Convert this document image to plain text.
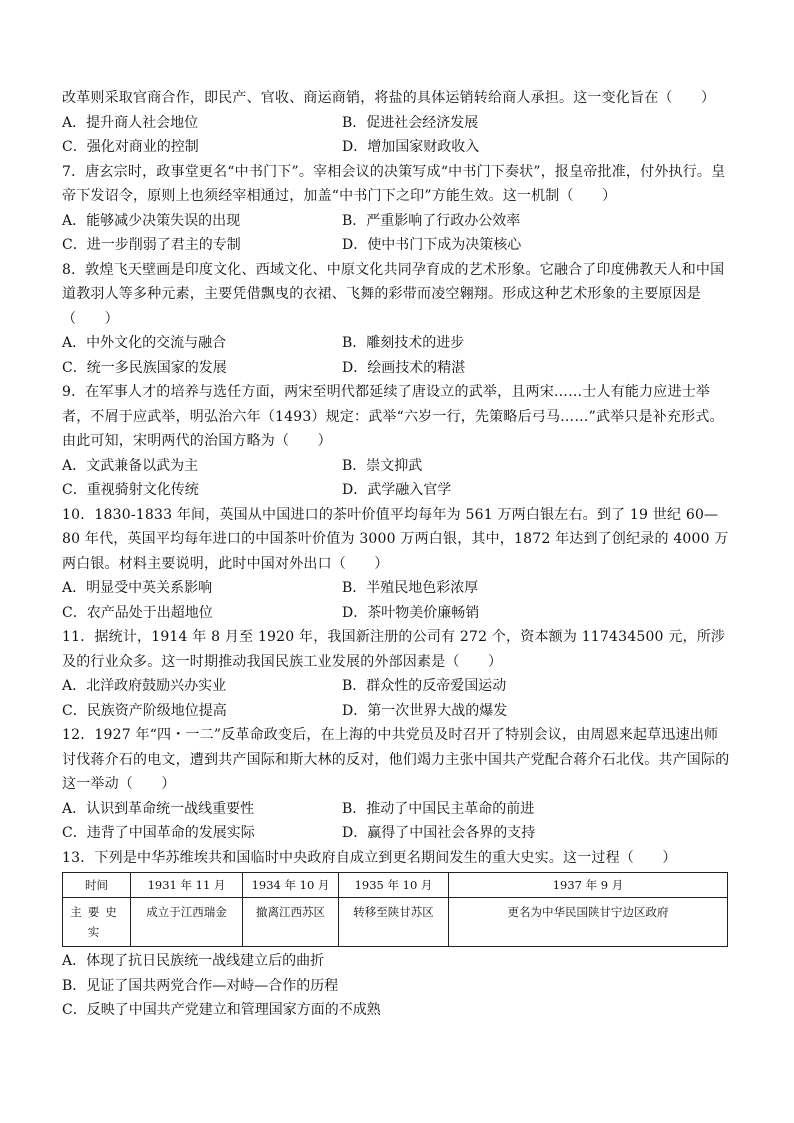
改革则采取官商合作，即民产、官收、商运商销，将盐的具体运销转给商人承担。这一变化旨在（　　）

A．提升商人社会地位	B．促进社会经济发展
C．强化对商业的控制	D．增加国家财政收入

7．唐玄宗时，政事堂更名“中书门下”。宰相会议的决策写成“中书门下奏状”，报皇帝批准，付外执行。皇帝下发诏令，原则上也须经宰相通过，加盖“中书门下之印”方能生效。这一机制（　　）

A．能够减少决策失误的出现	B．严重影响了行政办公效率
C．进一步削弱了君主的专制	D．使中书门下成为决策核心

8．敦煌飞天壁画是印度文化、西域文化、中原文化共同孕育成的艺术形象。它融合了印度佛教天人和中国道教羽人等多种元素，主要凭借飘曳的衣裙、飞舞的彩带而凌空翱翔。形成这种艺术形象的主要原因是（　　）

A．中外文化的交流与融合	B．雕刻技术的进步
C．统一多民族国家的发展	D．绘画技术的精湛

9．在军事人才的培养与选任方面，两宋至明代都延续了唐设立的武举，且两宋……士人有能力应进士举者，不屑于应武举，明弘治六年（1493）规定：武举“六岁一行，先策略后弓马……”武举只是补充形式。由此可知，宋明两代的治国方略为（　　）

A．文武兼备以武为主	B．崇文抑武
C．重视骑射文化传统	D．武学融入官学

10．1830-1833 年间，英国从中国进口的茶叶价值平均每年为 561 万两白银左右。到了 19 世纪 60—80 年代，英国平均每年进口的中国茶叶价值为 3000 万两白银，其中，1872 年达到了创纪录的 4000 万两白银。材料主要说明，此时中国对外出口（　　）

A．明显受中英关系影响	B．半殖民地色彩浓厚
C．农产品处于出超地位	D．茶叶物美价廉畅销

11．据统计，1914 年 8 月至 1920 年，我国新注册的公司有 272 个，资本额为 117434500 元，所涉及的行业众多。这一时期推动我国民族工业发展的外部因素是（　　）

A．北洋政府鼓励兴办实业	B．群众性的反帝爱国运动
C．民族资产阶级地位提高	D．第一次世界大战的爆发

12．1927 年“四・一二”反革命政变后，在上海的中共党员及时召开了特别会议，由周恩来起草迅速出师讨伐蒋介石的电文，遭到共产国际和斯大林的反对，他们竭力主张中国共产党配合蒋介石北伐。共产国际的这一举动（　　）

A．认识到革命统一战线重要性	B．推动了中国民主革命的前进
C．违背了中国革命的发展实际	D．赢得了中国社会各界的支持

13．下列是中华苏维埃共和国临时中央政府自成立到更名期间发生的重大史实。这一过程（　　）

时间	1931 年 11 月	1934 年 10 月	1935 年 10 月	1937 年 9 月
主要史实	成立于江西瑞金	撤离江西苏区	转移至陕甘苏区	更名为中华民国陕甘宁边区政府
A．体现了抗日民族统一战线建立后的曲折
B．见证了国共两党合作—对峙—合作的历程
C．反映了中国共产党建立和管理国家方面的不成熟
